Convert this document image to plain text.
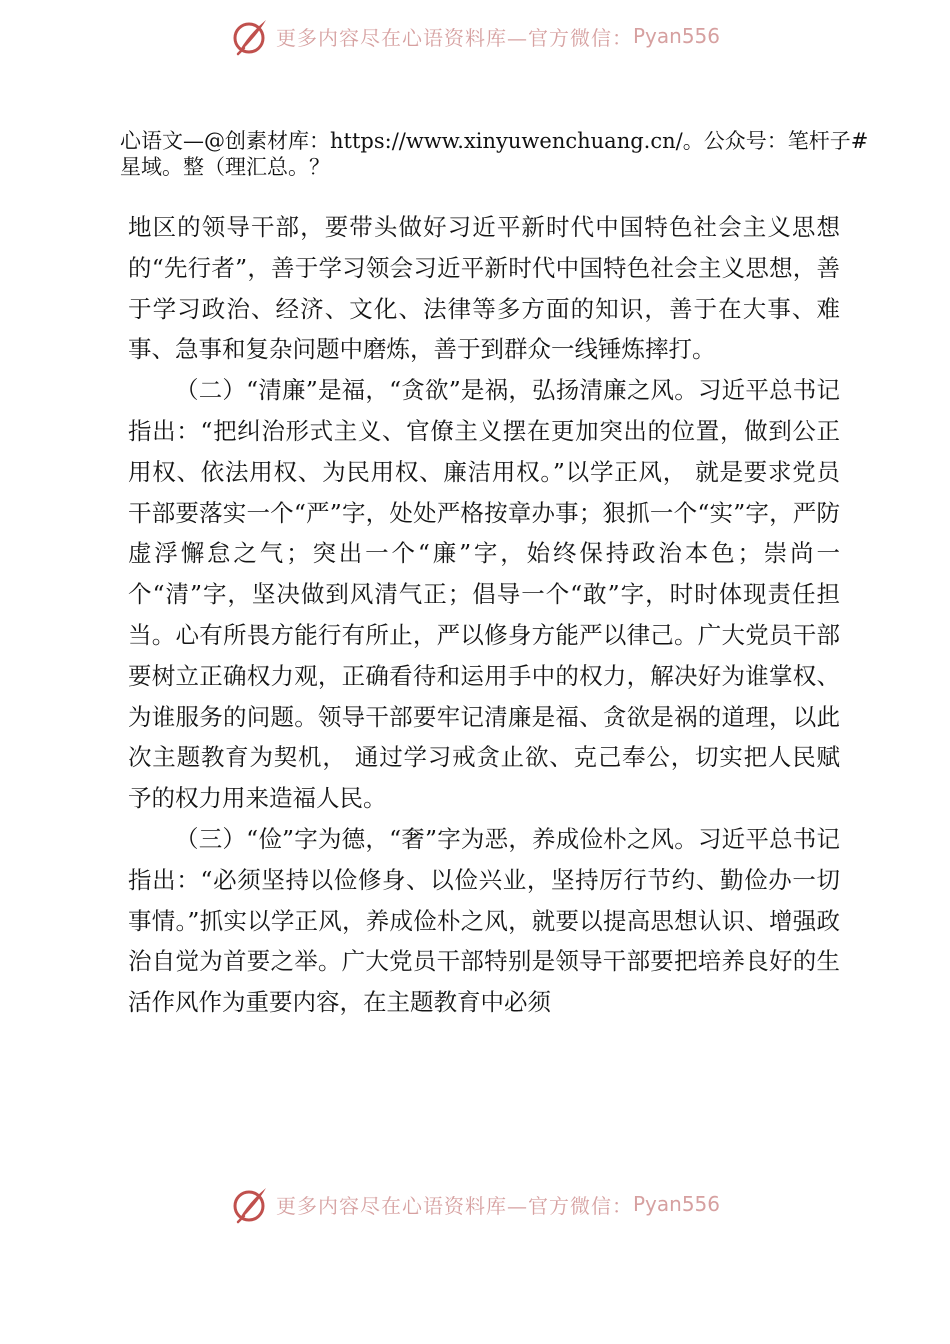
更多内容尽在心语资料库—官方微信： Pyan556
心语文—@创素材库：https://www.xinyuwenchuang.cn/。公众号：笔杆子#星域。整（理汇总。？

地区的领导干部，要带头做好习近平新时代中国特色社会主义思想的“先行者”，善于学习领会习近平新时代中国特色社会主义思想，善于学习政治、经济、文化、法律等多方面的知识，善于在大事、难事、急事和复杂问题中磨炼，善于到群众一线锤炼摔打。

（二）“清廉”是福，“贪欲”是祸，弘扬清廉之风。习近平总书记指出：“把纠治形式主义、官僚主义摆在更加突出的位置，做到公正用权、依法用权、为民用权、廉洁用权。”以学正风， 就是要求党员干部要落实一个“严”字，处处严格按章办事；狠抓一个“实”字，严防虚浮懈怠之气；突出一个“廉”字，始终保持政治本色；崇尚一个“清”字，坚决做到风清气正；倡导一个“敢”字，时时体现责任担当。心有所畏方能行有所止，严以修身方能严以律己。广大党员干部要树立正确权力观，正确看待和运用手中的权力，解决好为谁掌权、为谁服务的问题。领导干部要牢记清廉是福、贪欲是祸的道理，以此次主题教育为契机， 通过学习戒贪止欲、克己奉公，切实把人民赋予的权力用来造福人民。

（三）“俭”字为德，“奢”字为恶，养成俭朴之风。习近平总书记指出：“必须坚持以俭修身、以俭兴业，坚持厉行节约、勤俭办一切事情。”抓实以学正风，养成俭朴之风，就要以提高思想认识、增强政治自觉为首要之举。广大党员干部特别是领导干部要把培养良好的生活作风作为重要内容，在主题教育中必须

更多内容尽在心语资料库—官方微信： Pyan556
